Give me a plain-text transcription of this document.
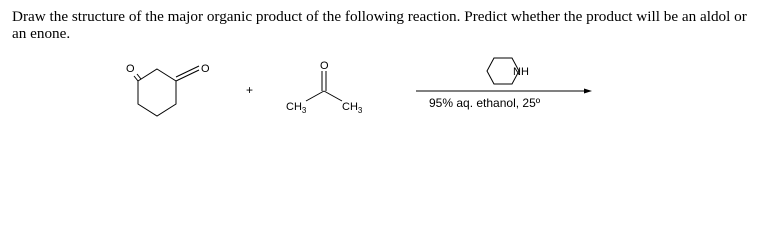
Draw the structure of the major organic product of the following reaction. Predict whether the product will be an aldol or an enone.

O	O
+
O
$CH_3$	$CH_3$
NH
95% aq. ethanol, 25º
